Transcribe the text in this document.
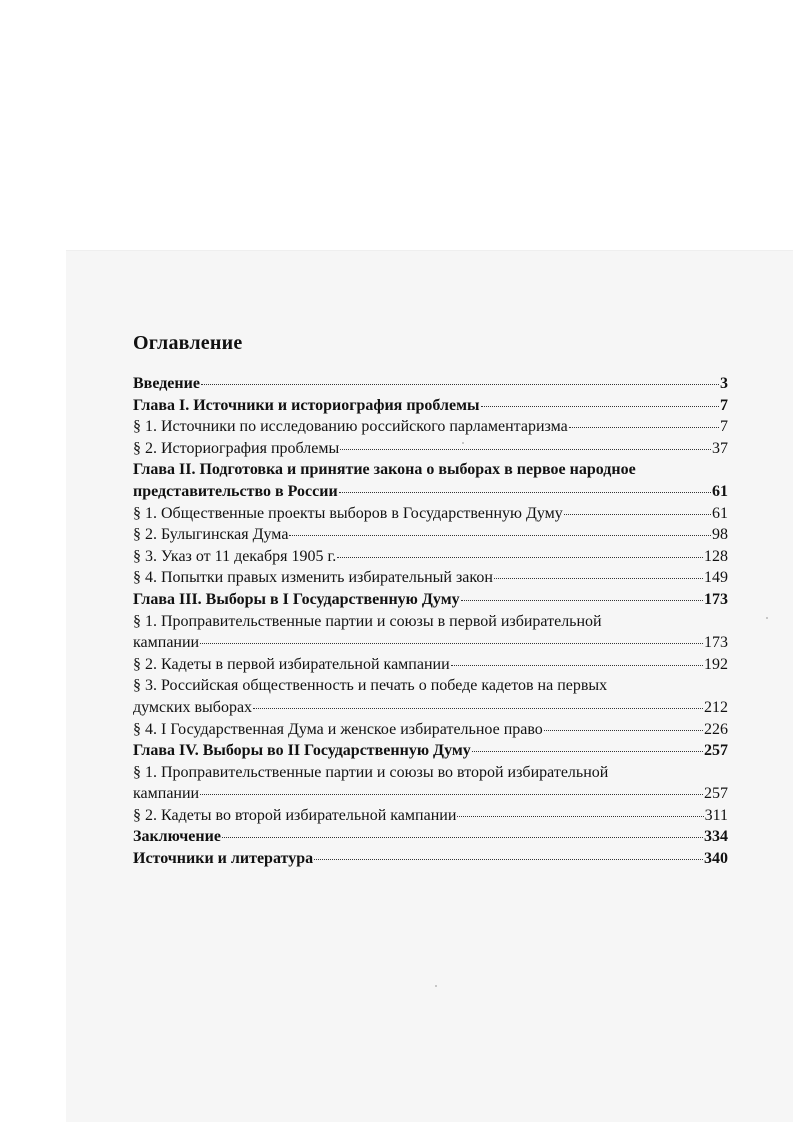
Оглавление
Введение	3
Глава I. Источники и историография проблемы	7
§ 1. Источники по исследованию российского парламентаризма	7
§ 2. Историография проблемы	37
Глава II. Подготовка и принятие закона о выборах в первое народное
представительство в России	61
§ 1. Общественные проекты выборов в Государственную Думу	61
§ 2. Булыгинская Дума	98
§ 3. Указ от 11 декабря 1905 г.	128
§ 4. Попытки правых изменить избирательный закон	149
Глава III. Выборы в I Государственную Думу	173
§ 1. Проправительственные партии и союзы в первой избирательной
кампании	173
§ 2. Кадеты в первой избирательной кампании	192
§ 3. Российская общественность и печать о победе кадетов на первых
думских выборах	212
§ 4. I Государственная Дума и женское избирательное право	226
Глава IV. Выборы во II Государственную Думу	257
§ 1. Проправительственные партии и союзы во второй избирательной
кампании	257
§ 2. Кадеты во второй избирательной кампании	311
Заключение	334
Источники и литература	340
